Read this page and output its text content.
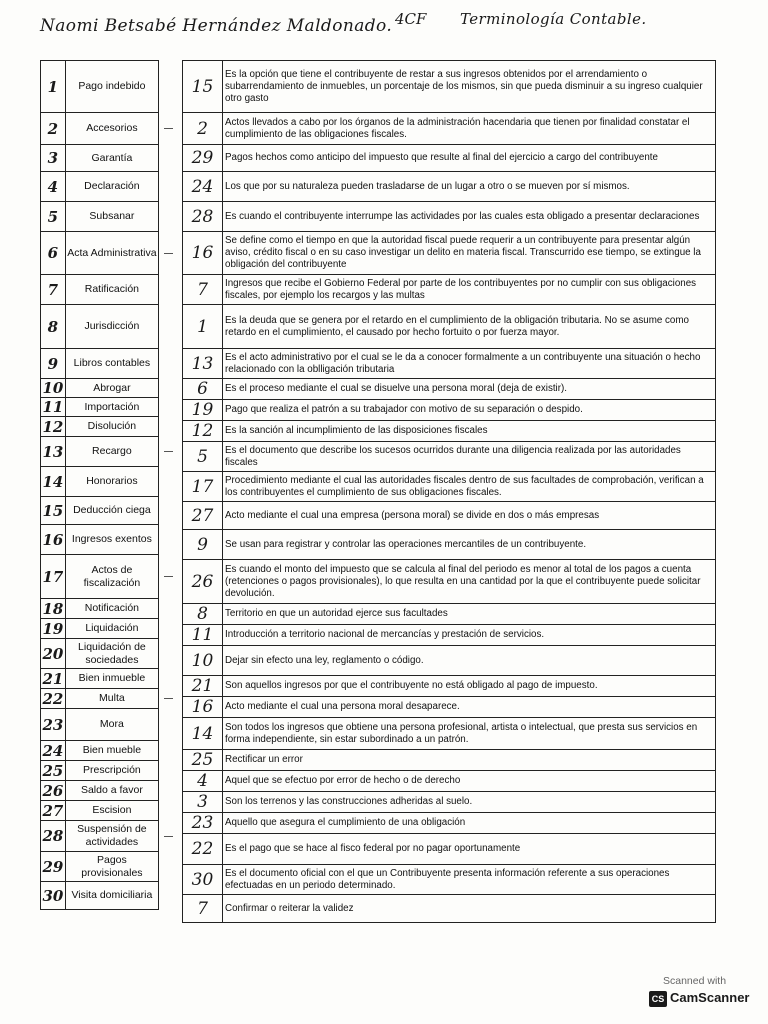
Naomi Betsabé Hernández Maldonado. 4CF Terminología Contable.
1	Pago indebido
2	Accesorios
3	Garantía
4	Declaración
5	Subsanar
6	Acta Administrativa
7	Ratificación
8	Jurisdicción
9	Libros contables
10	Abrogar
11	Importación
12	Disolución
13	Recargo
14	Honorarios
15	Deducción ciega
16	Ingresos exentos
17	Actos de fiscalización
18	Notificación
19	Liquidación
20	Liquidación de sociedades
21	Bien inmueble
22	Multa
23	Mora
24	Bien mueble
25	Prescripción
26	Saldo a favor
27	Escision
28	Suspensión de actividades
29	Pagos provisionales
30	Visita domiciliaria
15	Es la opción que tiene el contribuyente de restar a sus ingresos obtenidos por el arrendamiento o subarrendamiento de inmuebles, un porcentaje de los mismos, sin que pueda disminuir a su ingreso cualquier otro gasto
2	Actos llevados a cabo por los órganos de la administración hacendaria que tienen por finalidad constatar el cumplimiento de las obligaciones fiscales.
29	Pagos hechos como anticipo del impuesto que resulte al final del ejercicio a cargo del contribuyente
24	Los que por su naturaleza pueden trasladarse de un lugar a otro o se mueven por sí mismos.
28	Es cuando el contribuyente interrumpe las actividades por las cuales esta obligado a presentar declaraciones
16	Se define como el tiempo en que la autoridad fiscal puede requerir a un contribuyente para presentar algún aviso, crédito fiscal o en su caso investigar un delito en materia fiscal. Transcurrido ese tiempo, se extingue la obligación del contribuyente
7	Ingresos que recibe el Gobierno Federal por parte de los contribuyentes por no cumplir con sus obligaciones fiscales, por ejemplo los recargos y las multas
1	Es la deuda que se genera por el retardo en el cumplimiento de la obligación tributaria. No se asume como retardo en el cumplimiento, el causado por hecho fortuito o por fuerza mayor.
13	Es el acto administrativo por el cual se le da a conocer formalmente a un contribuyente una situación o hecho relacionado con la oblligación tributaria
6	Es el proceso mediante el cual se disuelve una persona moral (deja de existir).
19	Pago que realiza el patrón a su trabajador con motivo de su separación o despido.
12	Es la sanción al incumplimiento de las disposiciones fiscales
5	Es el documento que describe los sucesos ocurridos durante una diligencia realizada por las autoridades fiscales
17	Procedimiento mediante el cual las autoridades fiscales dentro de sus facultades de comprobación, verifican a los contribuyentes el cumplimiento de sus obligaciones fiscales.
27	Acto mediante el cual una empresa (persona moral) se divide en dos o más empresas
9	Se usan para registrar y controlar las operaciones mercantiles de un contribuyente.
26	Es cuando el monto del impuesto que se calcula al final del periodo es menor al total de los pagos a cuenta (retenciones o pagos provisionales), lo que resulta en una cantidad por la que el contribuyente puede solicitar devolución.
8	Territorio en que un autoridad ejerce sus facultades
11	Introducción a territorio nacional de mercancías y prestación de servicios.
10	Dejar sin efecto una ley, reglamento o código.
21	Son aquellos ingresos por que el contribuyente no está obligado al pago de impuesto.
16	Acto mediante el cual una persona moral desaparece.
14	Son todos los ingresos que obtiene una persona profesional, artista o intelectual, que presta sus servicios en forma independiente, sin estar subordinado a un patrón.
25	Rectificar un error
4	Aquel que se efectuo por error de hecho o de derecho
3	Son los terrenos y las construcciones adheridas al suelo.
23	Aquello que asegura el cumplimiento de una obligación
22	Es el pago que se hace al fisco federal por no pagar oportunamente
30	Es el documento oficial con el que un Contribuyente presenta información referente a sus operaciones efectuadas en un periodo determinado.
7	Confirmar o reiterar la validez
Scanned with
CS CamScanner
